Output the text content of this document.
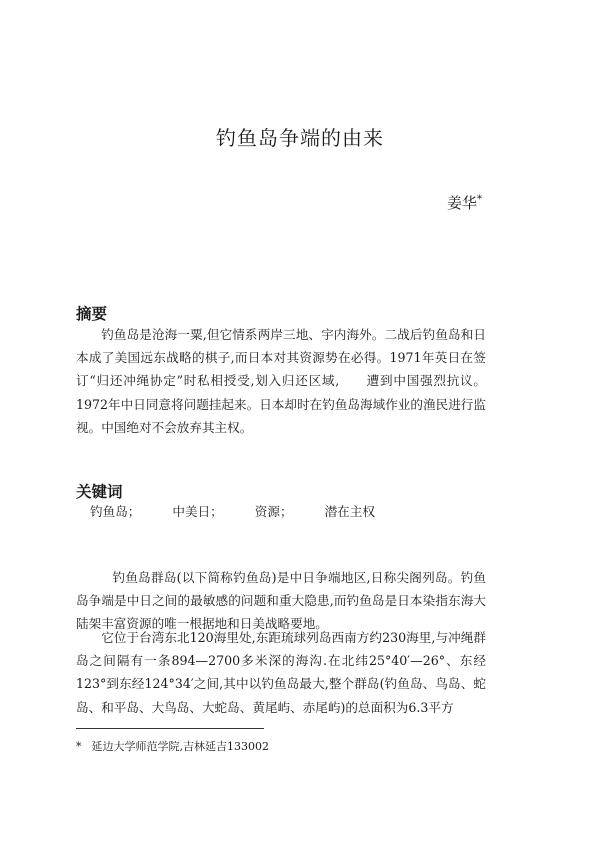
钓鱼岛争端的由来
姜华*
摘要

钓鱼岛是沧海一粟,但它情系两岸三地、宇内海外。二战后钓鱼岛和日本成了美国远东战略的棋子,而日本对其资源势在必得。1971年英日在签订“归还冲绳协定”时私相授受,划入归还区域,　　遭到中国强烈抗议。1972年中日同意将问题挂起来。日本却时在钓鱼岛海域作业的渔民进行监视。中国绝对不会放弃其主权。

关键词
钓鱼岛；	中美日；	资源；	潜在主权

钓鱼岛群岛(以下简称钓鱼岛)是中日争端地区,日称尖阁列岛。钓鱼岛争端是中日之间的最敏感的问题和重大隐患,而钓鱼岛是日本染指东海大陆架丰富资源的唯一根据地和日美战略要地。

它位于台湾东北120海里处,东距琉球列岛西南方约230海里,与冲绳群岛之间隔有一条894—2700多米深的海沟.在北纬25°40′—26°、东经123°到东经124°34′之间,其中以钓鱼岛最大,整个群岛(钓鱼岛、鸟岛、蛇岛、和平岛、大鸟岛、大蛇岛、黄尾屿、赤尾屿)的总面积为6.3平方

* 延边大学师范学院,吉林延吉133002
